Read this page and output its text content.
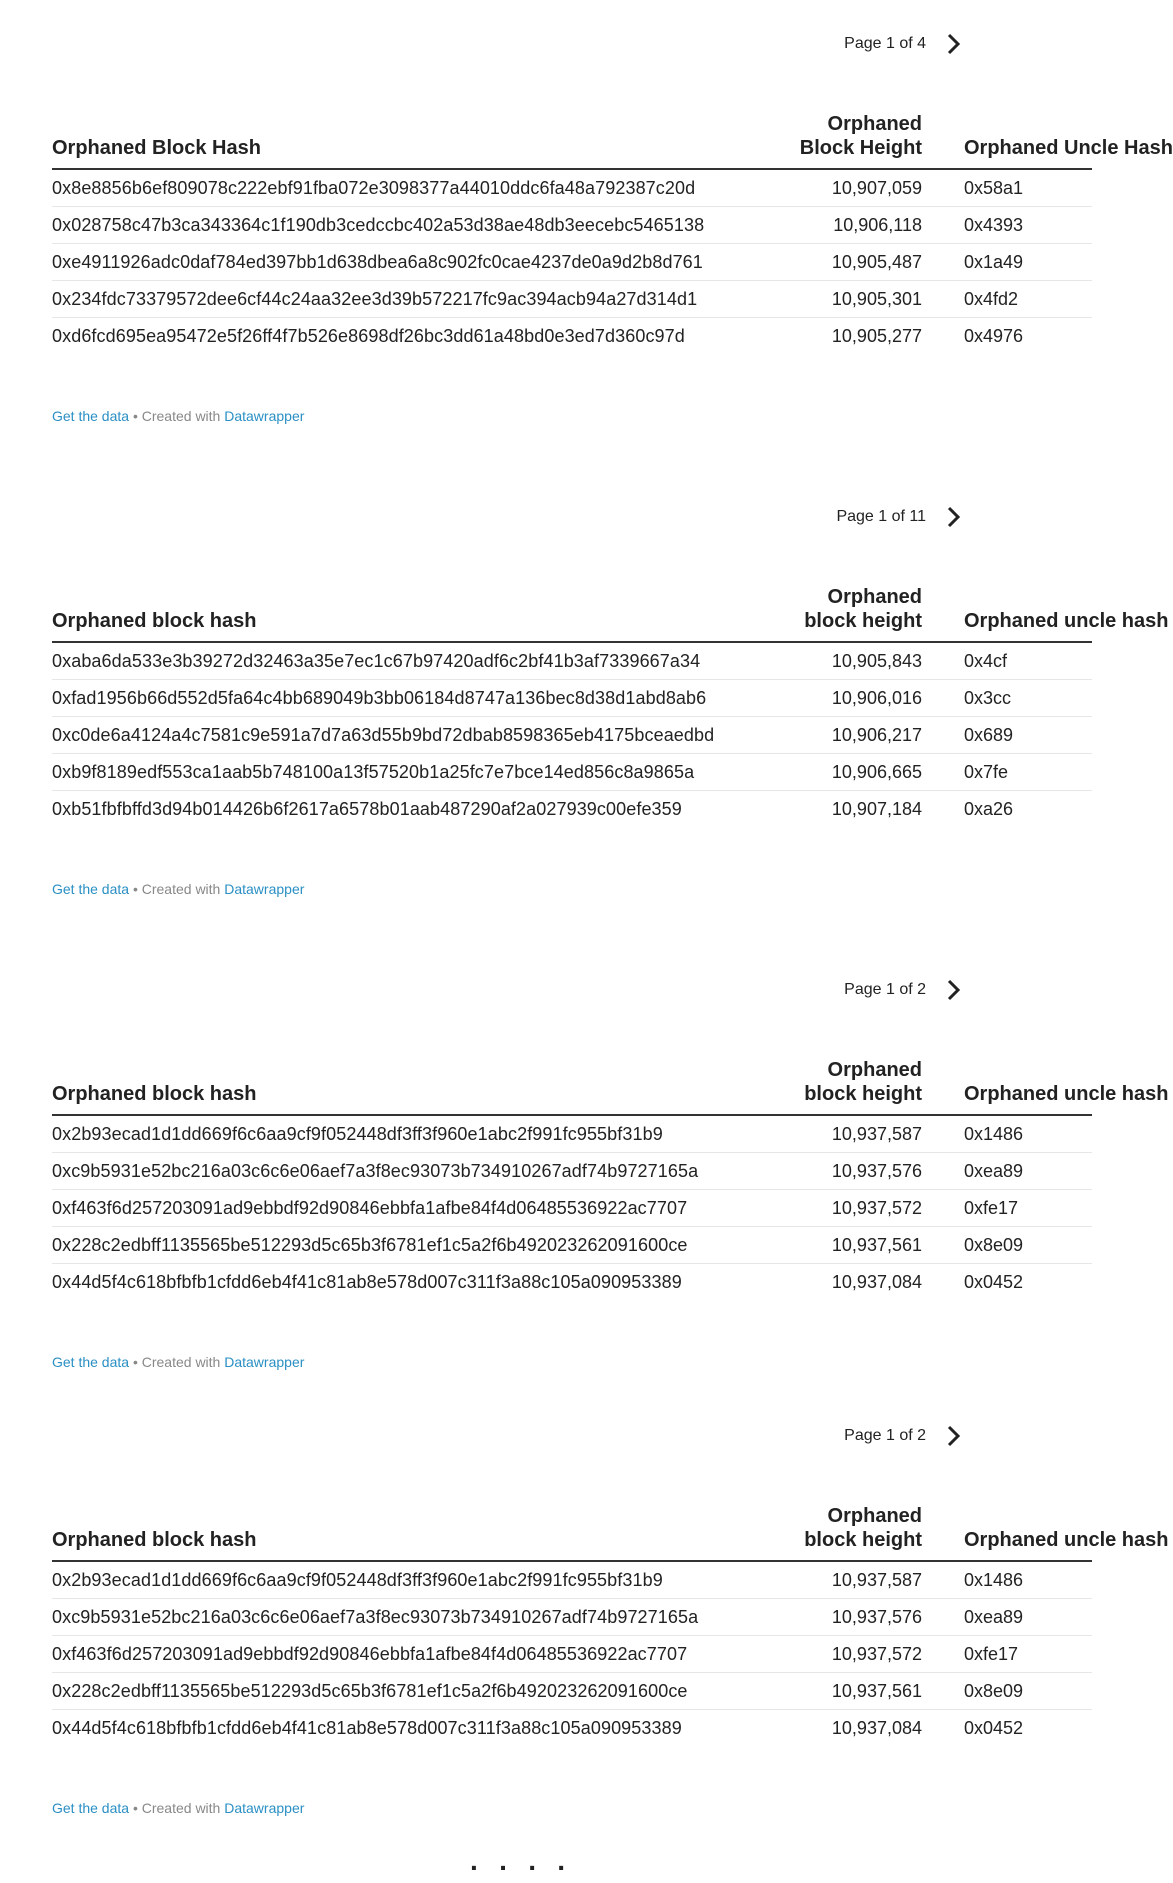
Page 1 of 4
Orphaned Block Hash	Orphaned Block Height	Orphaned Uncle Hash
0x8e8856b6ef809078c222ebf91fba072e3098377a44010ddc6fa48a792387c20d	10,907,059	0x58a1
0x028758c47b3ca343364c1f190db3cedccbc402a53d38ae48db3eecebc5465138	10,906,118	0x4393
0xe4911926adc0daf784ed397bb1d638dbea6a8c902fc0cae4237de0a9d2b8d761	10,905,487	0x1a49
0x234fdc73379572dee6cf44c24aa32ee3d39b572217fc9ac394acb94a27d314d1	10,905,301	0x4fd2
0xd6fcd695ea95472e5f26ff4f7b526e8698df26bc3dd61a48bd0e3ed7d360c97d	10,905,277	0x4976
Get the data • Created with Datawrapper
Page 1 of 11
Orphaned block hash	Orphaned block height	Orphaned uncle hash
0xaba6da533e3b39272d32463a35e7ec1c67b97420adf6c2bf41b3af7339667a34	10,905,843	0x4cf
0xfad1956b66d552d5fa64c4bb689049b3bb06184d8747a136bec8d38d1abd8ab6	10,906,016	0x3cc
0xc0de6a4124a4c7581c9e591a7d7a63d55b9bd72dbab8598365eb4175bceaedbd	10,906,217	0x689
0xb9f8189edf553ca1aab5b748100a13f57520b1a25fc7e7bce14ed856c8a9865a	10,906,665	0x7fe
0xb51fbfbffd3d94b014426b6f2617a6578b01aab487290af2a027939c00efe359	10,907,184	0xa26
Get the data • Created with Datawrapper
Page 1 of 2
Orphaned block hash	Orphaned block height	Orphaned uncle hash
0x2b93ecad1d1dd669f6c6aa9cf9f052448df3ff3f960e1abc2f991fc955bf31b9	10,937,587	0x1486
0xc9b5931e52bc216a03c6c6e06aef7a3f8ec93073b734910267adf74b9727165a	10,937,576	0xea89
0xf463f6d257203091ad9ebbdf92d90846ebbfa1afbe84f4d06485536922ac7707	10,937,572	0xfe17
0x228c2edbff1135565be512293d5c65b3f6781ef1c5a2f6b492023262091600ce	10,937,561	0x8e09
0x44d5f4c618bfbfb1cfdd6eb4f41c81ab8e578d007c311f3a88c105a090953389	10,937,084	0x0452
Get the data • Created with Datawrapper
Page 1 of 2
Orphaned block hash	Orphaned block height	Orphaned uncle hash
0x2b93ecad1d1dd669f6c6aa9cf9f052448df3ff3f960e1abc2f991fc955bf31b9	10,937,587	0x1486
0xc9b5931e52bc216a03c6c6e06aef7a3f8ec93073b734910267adf74b9727165a	10,937,576	0xea89
0xf463f6d257203091ad9ebbdf92d90846ebbfa1afbe84f4d06485536922ac7707	10,937,572	0xfe17
0x228c2edbff1135565be512293d5c65b3f6781ef1c5a2f6b492023262091600ce	10,937,561	0x8e09
0x44d5f4c618bfbfb1cfdd6eb4f41c81ab8e578d007c311f3a88c105a090953389	10,937,084	0x0452
Get the data • Created with Datawrapper
· · · ·
